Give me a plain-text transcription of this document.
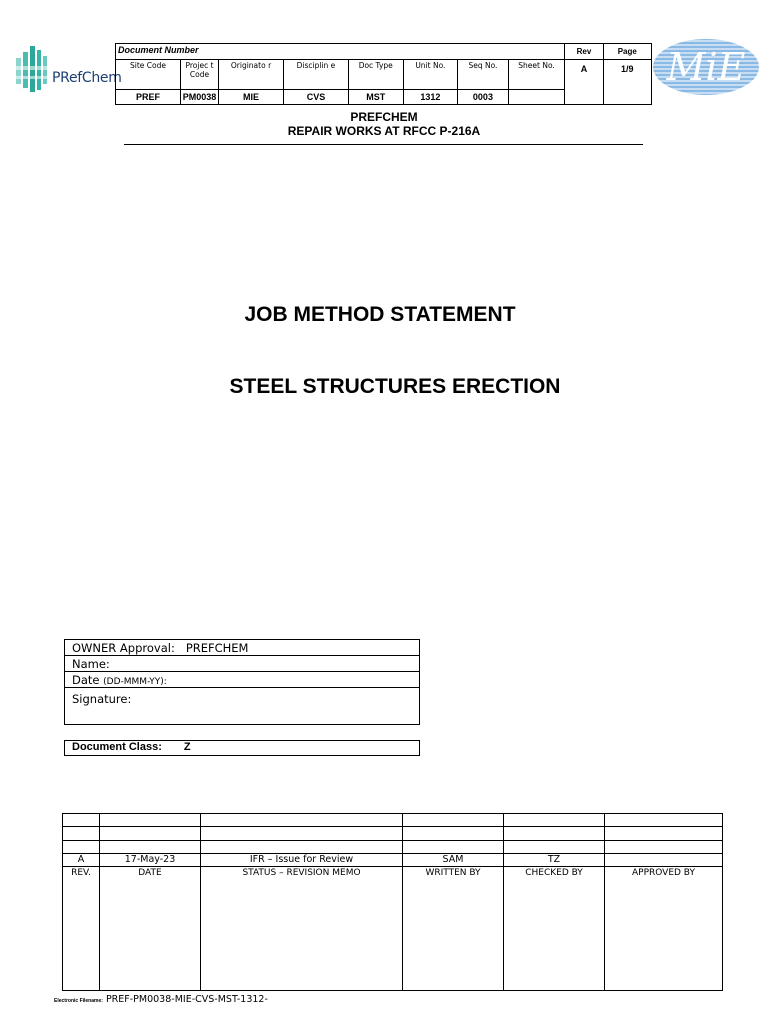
PRefChem	MiE
Document Number								Rev	Page
Site Code	Projec t Code	Originato r	Disciplin e	Doc Type	Unit No.	Seq No.	Sheet No.	A	1/9
PREF	PM0038	MIE	CVS	MST	1312	0003			
PREFCHEM
REPAIR WORKS AT RFCC P-216A
JOB METHOD STATEMENT
STEEL STRUCTURES ERECTION
OWNER Approval: PREFCHEM
Name:
Date (DD-MMM-YY):
Signature:
Document Class: Z

A	17-May-23	IFR – Issue for Review	SAM	TZ	
REV.	DATE	STATUS – REVISION MEMO	WRITTEN BY	CHECKED BY	APPROVED BY
Electronic Filename: PREF-PM0038-MIE-CVS-MST-1312-
